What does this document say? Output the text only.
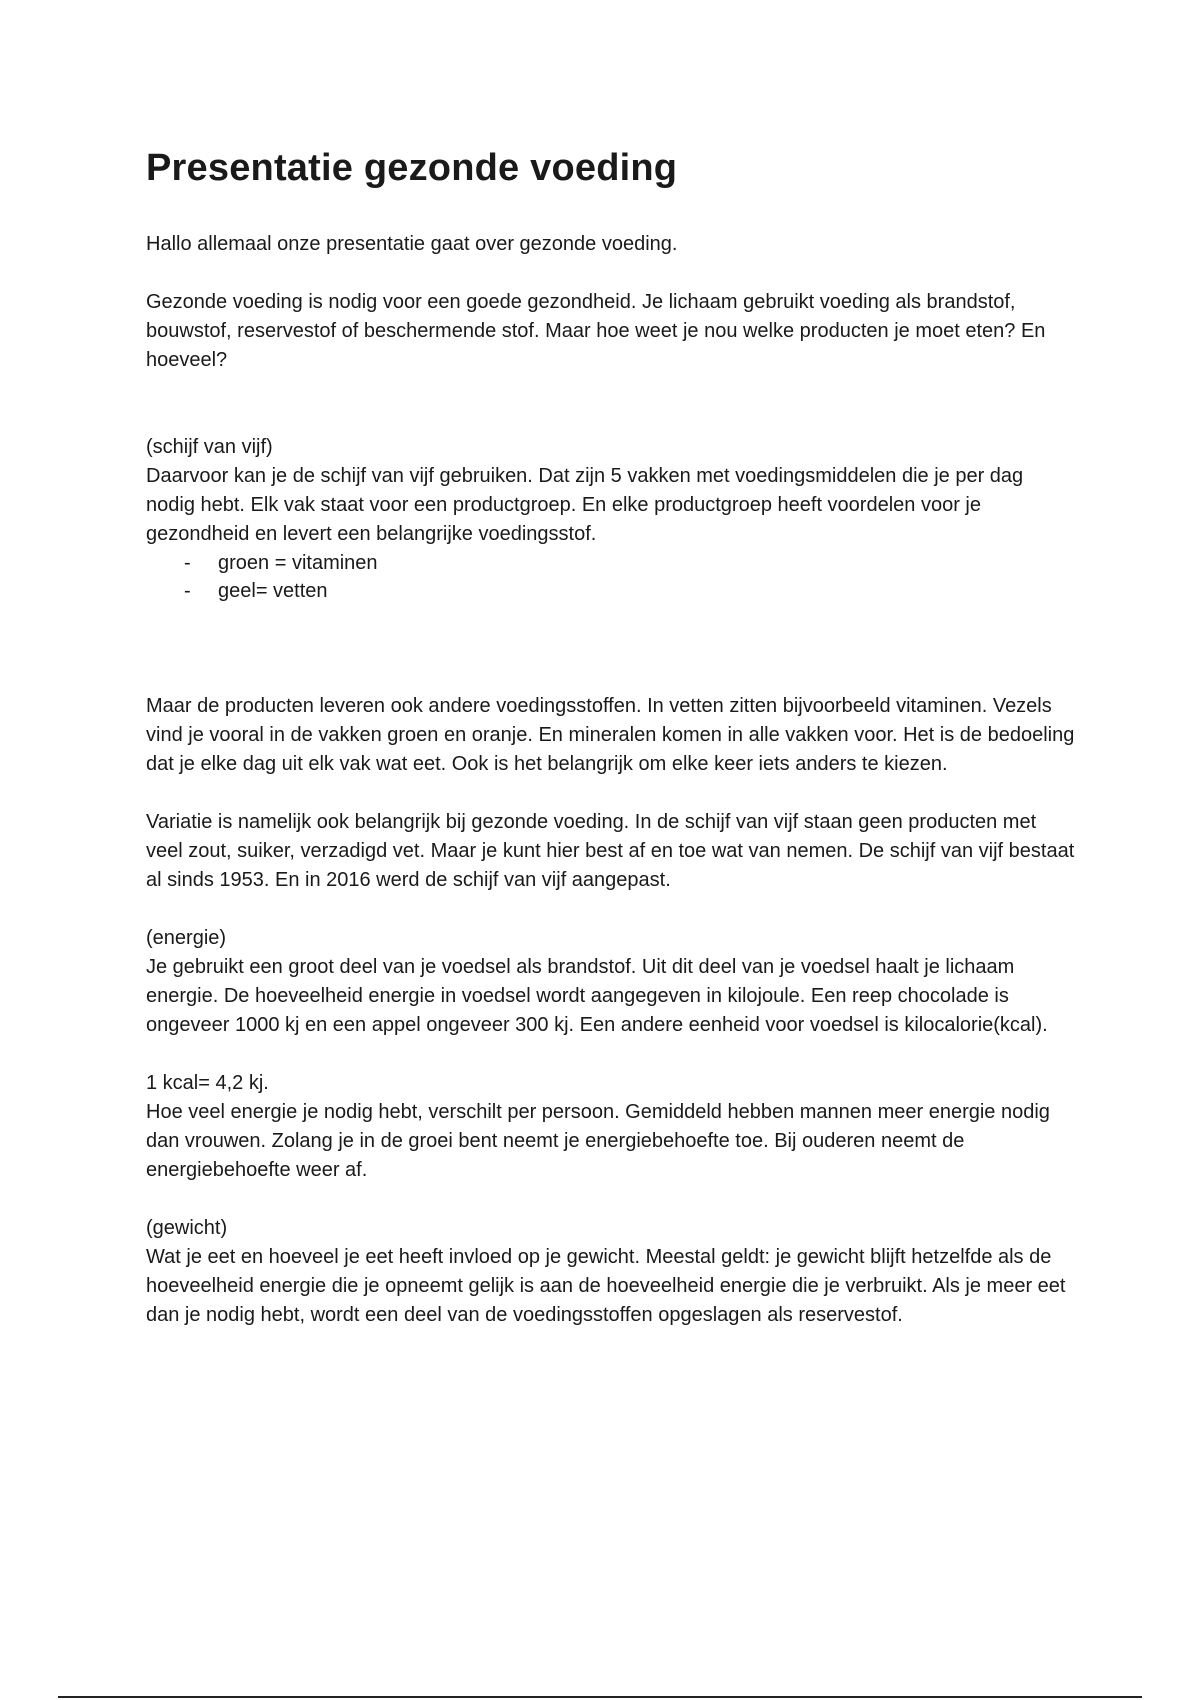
Presentatie gezonde voeding

Hallo allemaal onze presentatie gaat over gezonde voeding.

Gezonde voeding is nodig voor een goede gezondheid. Je lichaam gebruikt voeding als brandstof, bouwstof, reservestof of beschermende stof. Maar hoe weet je nou welke producten je moet eten? En hoeveel?

(schijf van vijf)

Daarvoor kan je de schijf van vijf gebruiken. Dat zijn 5 vakken met voedingsmiddelen die je per dag nodig hebt. Elk vak staat voor een productgroep. En elke productgroep heeft voordelen voor je gezondheid en levert een belangrijke voedingsstof.

- groen = vitaminen
- geel= vetten

Maar de producten leveren ook andere voedingsstoffen. In vetten zitten bijvoorbeeld vitaminen. Vezels vind je vooral in de vakken groen en oranje. En mineralen komen in alle vakken voor. Het is de bedoeling dat je elke dag uit elk vak wat eet. Ook is het belangrijk om elke keer iets anders te kiezen.

Variatie is namelijk ook belangrijk bij gezonde voeding. In de schijf van vijf staan geen producten met veel zout, suiker, verzadigd vet. Maar je kunt hier best af en toe wat van nemen. De schijf van vijf bestaat al sinds 1953. En in 2016 werd de schijf van vijf aangepast.

(energie)

Je gebruikt een groot deel van je voedsel als brandstof. Uit dit deel van je voedsel haalt je lichaam energie. De hoeveelheid energie in voedsel wordt aangegeven in kilojoule. Een reep chocolade is ongeveer 1000 kj en een appel ongeveer 300 kj. Een andere eenheid voor voedsel is kilocalorie(kcal).

1 kcal= 4,2 kj.

Hoe veel energie je nodig hebt, verschilt per persoon. Gemiddeld hebben mannen meer energie nodig dan vrouwen. Zolang je in de groei bent neemt je energiebehoefte toe. Bij ouderen neemt de energiebehoefte weer af.

(gewicht)

Wat je eet en hoeveel je eet heeft invloed op je gewicht. Meestal geldt: je gewicht blijft hetzelfde als de hoeveelheid energie die je opneemt gelijk is aan de hoeveelheid energie die je verbruikt. Als je meer eet dan je nodig hebt, wordt een deel van de voedingsstoffen opgeslagen als reservestof.
